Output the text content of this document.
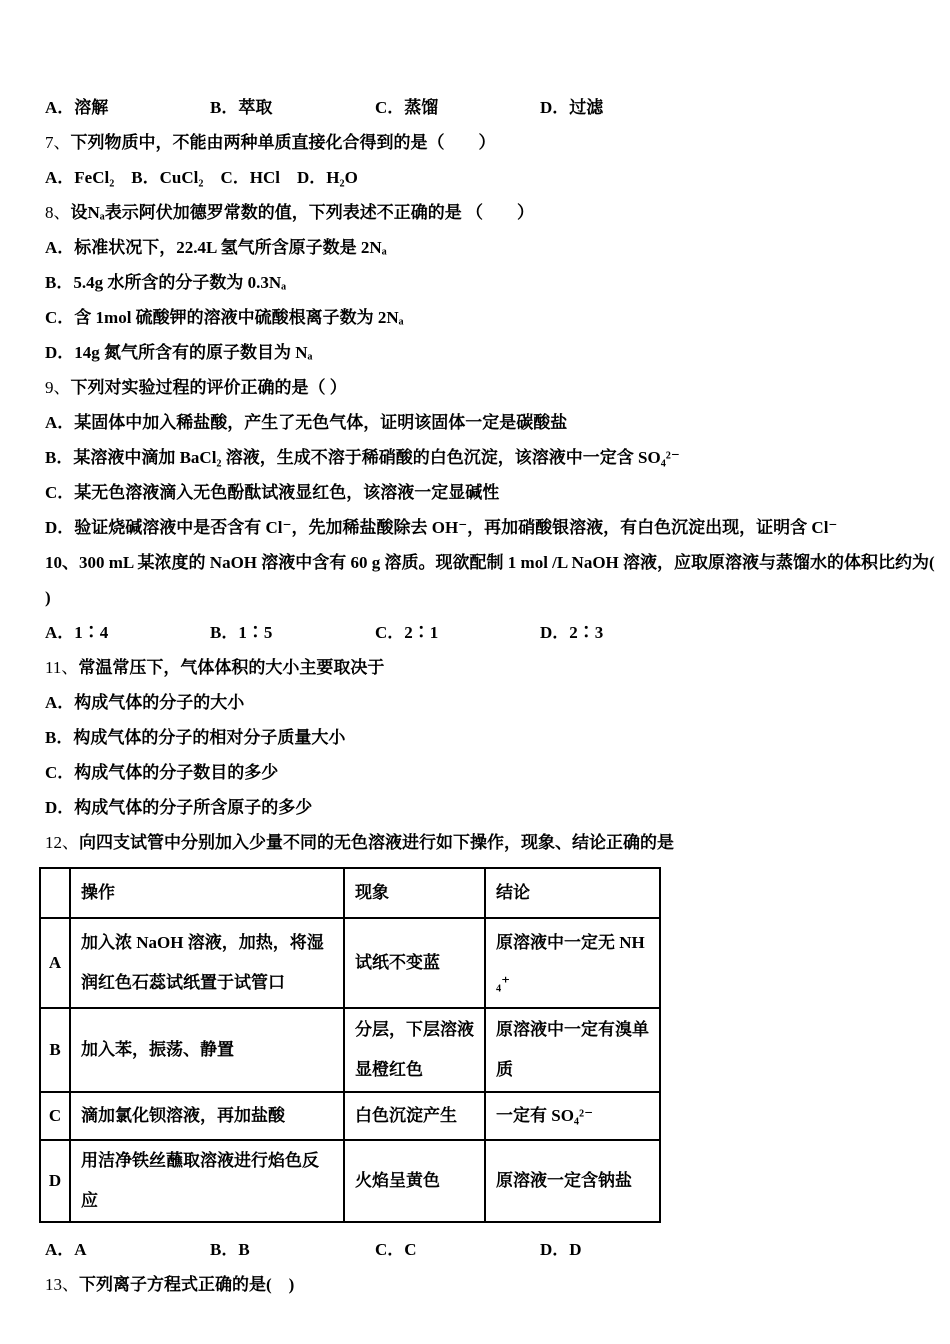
A．溶解	B．萃取	C．蒸馏	D．过滤
7、下列物质中，不能由两种单质直接化合得到的是（　　）
A．FeCl₂　B．CuCl₂　C．HCl　D．H₂O
8、设Nₐ表示阿伏加德罗常数的值，下列表述不正确的是 （　　）
A．标准状况下，22.4L 氢气所含原子数是 2Nₐ
B．5.4g 水所含的分子数为 0.3Nₐ
C．含 1mol 硫酸钾的溶液中硫酸根离子数为 2Nₐ
D．14g 氮气所含有的原子数目为 Nₐ
9、下列对实验过程的评价正确的是（ ）
A．某固体中加入稀盐酸，产生了无色气体，证明该固体一定是碳酸盐
B．某溶液中滴加 BaCl₂ 溶液，生成不溶于稀硝酸的白色沉淀，该溶液中一定含 SO₄²⁻
C．某无色溶液滴入无色酚酞试液显红色，该溶液一定显碱性
D．验证烧碱溶液中是否含有 Cl⁻，先加稀盐酸除去 OH⁻，再加硝酸银溶液，有白色沉淀出现，证明含 Cl⁻
10、300 mL 某浓度的 NaOH 溶液中含有 60 g 溶质。现欲配制 1 mol /L NaOH 溶液，应取原溶液与蒸馏水的体积比约为(
)
A．1∶4	B．1∶5	C．2∶1	D．2∶3
11、常温常压下，气体体积的大小主要取决于
A．构成气体的分子的大小
B．构成气体的分子的相对分子质量大小
C．构成气体的分子数目的多少
D．构成气体的分子所含原子的多少
12、向四支试管中分别加入少量不同的无色溶液进行如下操作，现象、结论正确的是
	操作	现象	结论
A	加入浓 NaOH 溶液，加热，将湿润红色石蕊试纸置于试管口	试纸不变蓝	原溶液中一定无 NH₄⁺
B	加入苯，振荡、静置	分层，下层溶液显橙红色	原溶液中一定有溴单质
C	滴加氯化钡溶液，再加盐酸	白色沉淀产生	一定有 SO₄²⁻
D	用洁净铁丝蘸取溶液进行焰色反应	火焰呈黄色	原溶液一定含钠盐
A．A	B．B	C．C	D．D
13、下列离子方程式正确的是(　)
